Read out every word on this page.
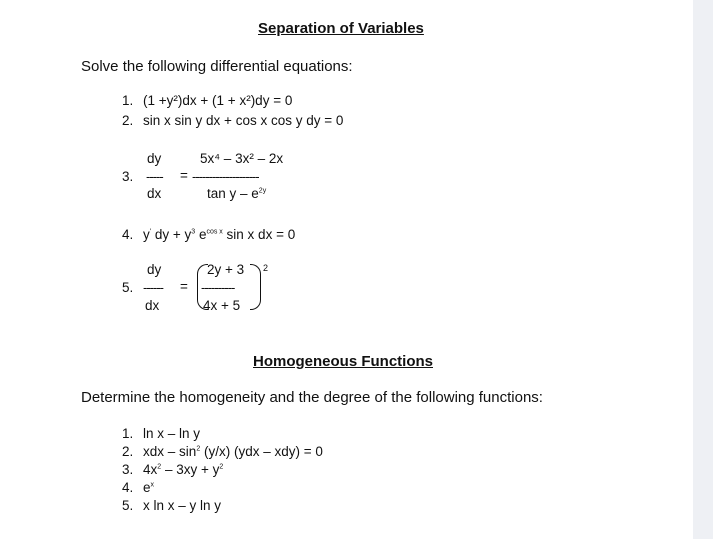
Separation of Variables
Solve the following differential equations:
1. (1 +y²)dx + (1 + x²)dy = 0
2. sin x sin y dx + cos x cos y dy = 0
dy
3. ----- =
dx
5x⁴ – 3x² – 2x
--------------------
tan y – $e^{2y}$
4. y' dy + $y^3$ $e^{cos x}$ sin x dx = 0
dy
5. ------ =
dx
2y + 3
----------
4x + 5
2
Homogeneous Functions
Determine the homogeneity and the degree of the following functions:
1. ln x – ln y
2. xdx – $\sin^2 (y/x)$ (ydx – xdy) = 0
3. $4x^2 - 3xy + y^2$
4. $e^x$
5. x ln x – y ln y
